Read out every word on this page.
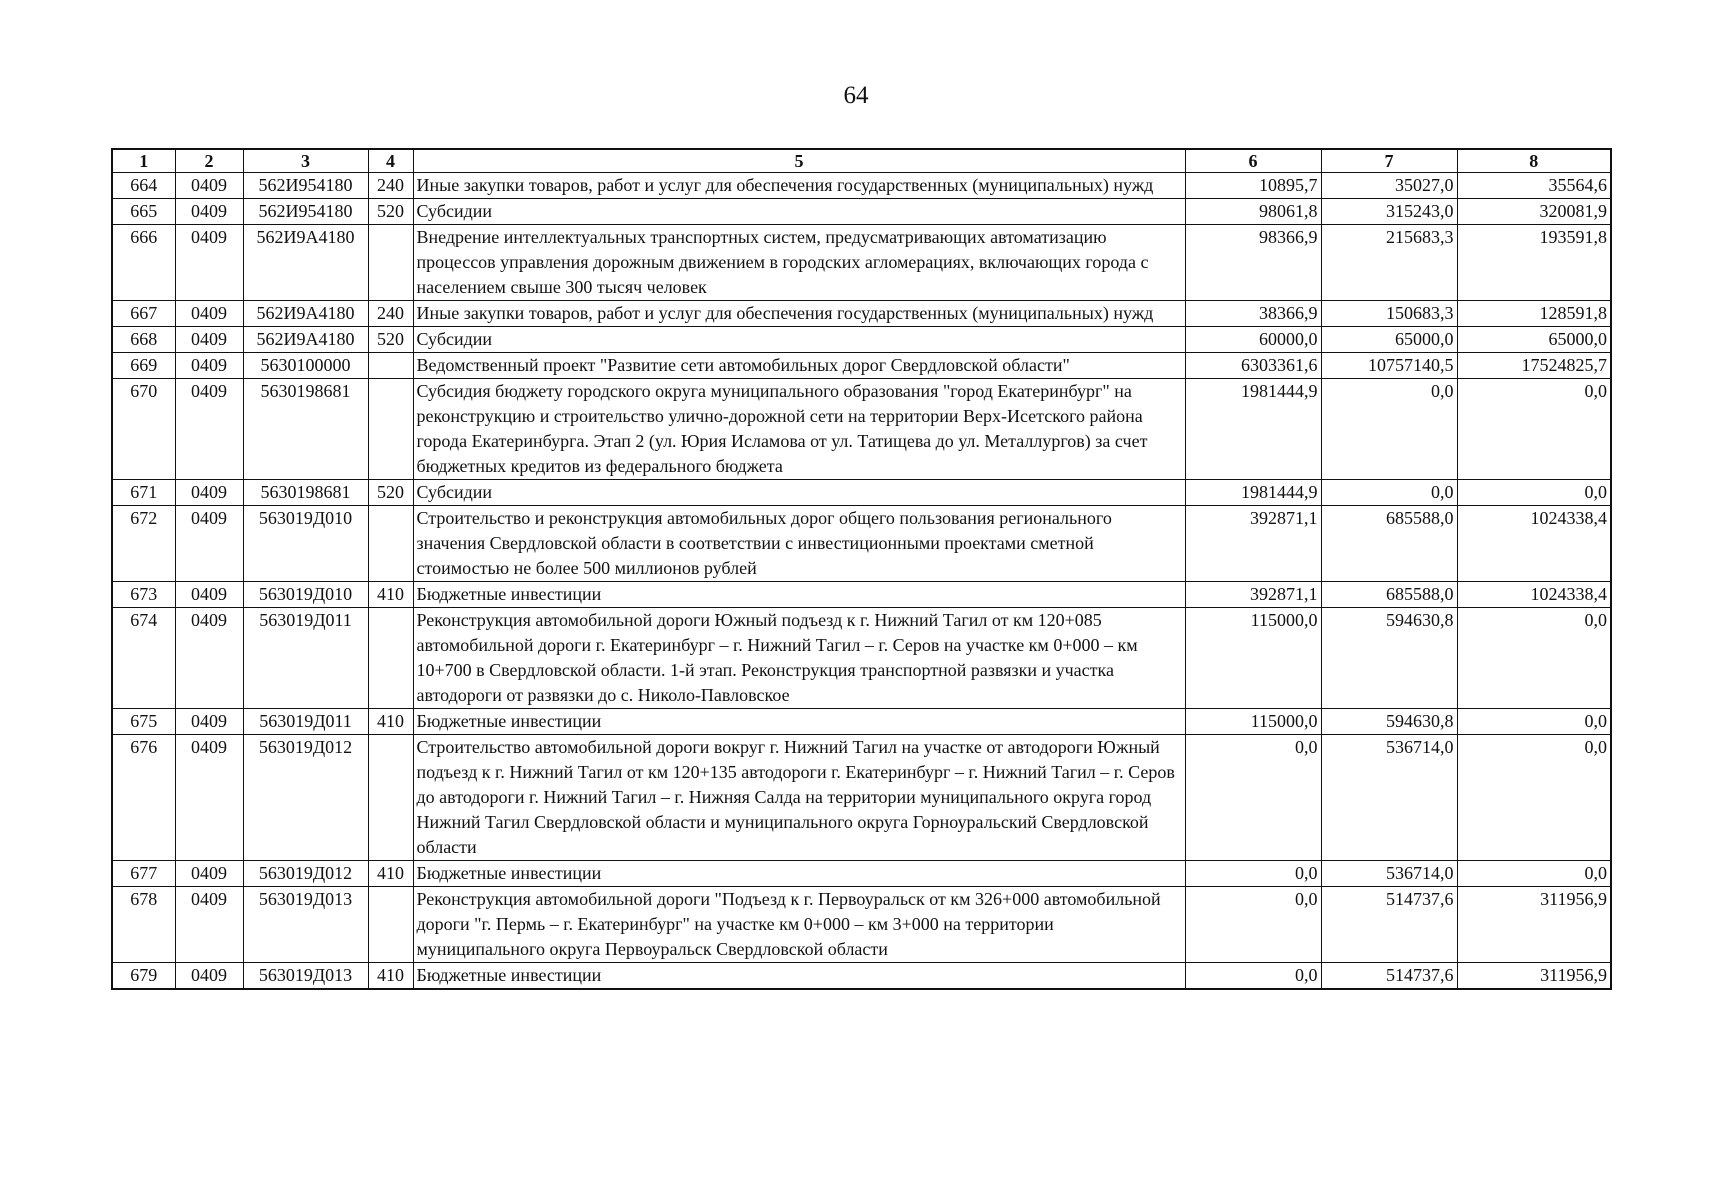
64
1	2	3	4	5	6	7	8
664	0409	562И954180	240	Иные закупки товаров, работ и услуг для обеспечения государственных (муниципальных) нужд	10895,7	35027,0	35564,6
665	0409	562И954180	520	Субсидии	98061,8	315243,0	320081,9
666	0409	562И9А4180		Внедрение интеллектуальных транспортных систем, предусматривающих автоматизацию процессов управления дорожным движением в городских агломерациях, включающих города с населением свыше 300 тысяч человек	98366,9	215683,3	193591,8
667	0409	562И9А4180	240	Иные закупки товаров, работ и услуг для обеспечения государственных (муниципальных) нужд	38366,9	150683,3	128591,8
668	0409	562И9А4180	520	Субсидии	60000,0	65000,0	65000,0
669	0409	5630100000		Ведомственный проект "Развитие сети автомобильных дорог Свердловской области"	6303361,6	10757140,5	17524825,7
670	0409	5630198681		Субсидия бюджету городского округа муниципального образования "город Екатеринбург" на реконструкцию и строительство улично-дорожной сети на территории Верх-Исетского района города Екатеринбурга. Этап 2 (ул. Юрия Исламова от ул. Татищева до ул. Металлургов) за счет бюджетных кредитов из федерального бюджета	1981444,9	0,0	0,0
671	0409	5630198681	520	Субсидии	1981444,9	0,0	0,0
672	0409	563019Д010		Строительство и реконструкция автомобильных дорог общего пользования регионального значения Свердловской области в соответствии с инвестиционными проектами сметной стоимостью не более 500 миллионов рублей	392871,1	685588,0	1024338,4
673	0409	563019Д010	410	Бюджетные инвестиции	392871,1	685588,0	1024338,4
674	0409	563019Д011		Реконструкция автомобильной дороги Южный подъезд к г. Нижний Тагил от км 120+085 автомобильной дороги г. Екатеринбург – г. Нижний Тагил – г. Серов на участке км 0+000 – км 10+700 в Свердловской области. 1-й этап. Реконструкция транспортной развязки и участка автодороги от развязки до с. Николо-Павловское	115000,0	594630,8	0,0
675	0409	563019Д011	410	Бюджетные инвестиции	115000,0	594630,8	0,0
676	0409	563019Д012		Строительство автомобильной дороги вокруг г. Нижний Тагил на участке от автодороги Южный подъезд к г. Нижний Тагил от км 120+135 автодороги г. Екатеринбург – г. Нижний Тагил – г. Серов до автодороги г. Нижний Тагил – г. Нижняя Салда на территории муниципального округа город Нижний Тагил Свердловской области и муниципального округа Горноуральский Свердловской области	0,0	536714,0	0,0
677	0409	563019Д012	410	Бюджетные инвестиции	0,0	536714,0	0,0
678	0409	563019Д013		Реконструкция автомобильной дороги "Подъезд к г. Первоуральск от км 326+000 автомобильной дороги "г. Пермь – г. Екатеринбург" на участке км 0+000 – км 3+000 на территории муниципального округа Первоуральск Свердловской области	0,0	514737,6	311956,9
679	0409	563019Д013	410	Бюджетные инвестиции	0,0	514737,6	311956,9
